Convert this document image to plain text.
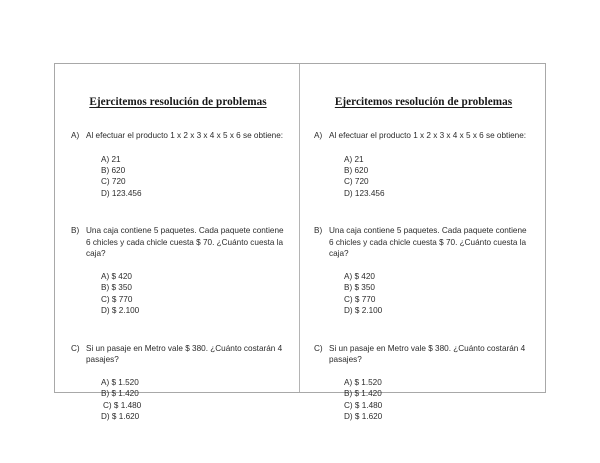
Ejercitemos resolución de problemas
A) Al efectuar el producto 1 x 2 x 3 x 4 x 5 x 6 se obtiene:
A) 21
B) 620
C) 720
D) 123.456
B) Una caja contiene 5 paquetes. Cada paquete contiene 6 chicles y cada chicle cuesta $ 70. ¿Cuánto cuesta la caja?
A) $ 420
B) $ 350
C) $ 770
D) $ 2.100
C) Si un pasaje en Metro vale $ 380. ¿Cuánto costarán 4 pasajes?
A) $ 1.520
B) $ 1.420
C) $ 1.480
D) $ 1.620
Ejercitemos resolución de problemas
A) Al efectuar el producto 1 x 2 x 3 x 4 x 5 x 6 se obtiene:
A) 21
B) 620
C) 720
D) 123.456
B) Una caja contiene 5 paquetes. Cada paquete contiene 6 chicles y cada chicle cuesta $ 70. ¿Cuánto cuesta la caja?
A) $ 420
B) $ 350
C) $ 770
D) $ 2.100
C) Si un pasaje en Metro vale $ 380. ¿Cuánto costarán 4 pasajes?
A) $ 1.520
B) $ 1.420
C) $ 1.480
D) $ 1.620
